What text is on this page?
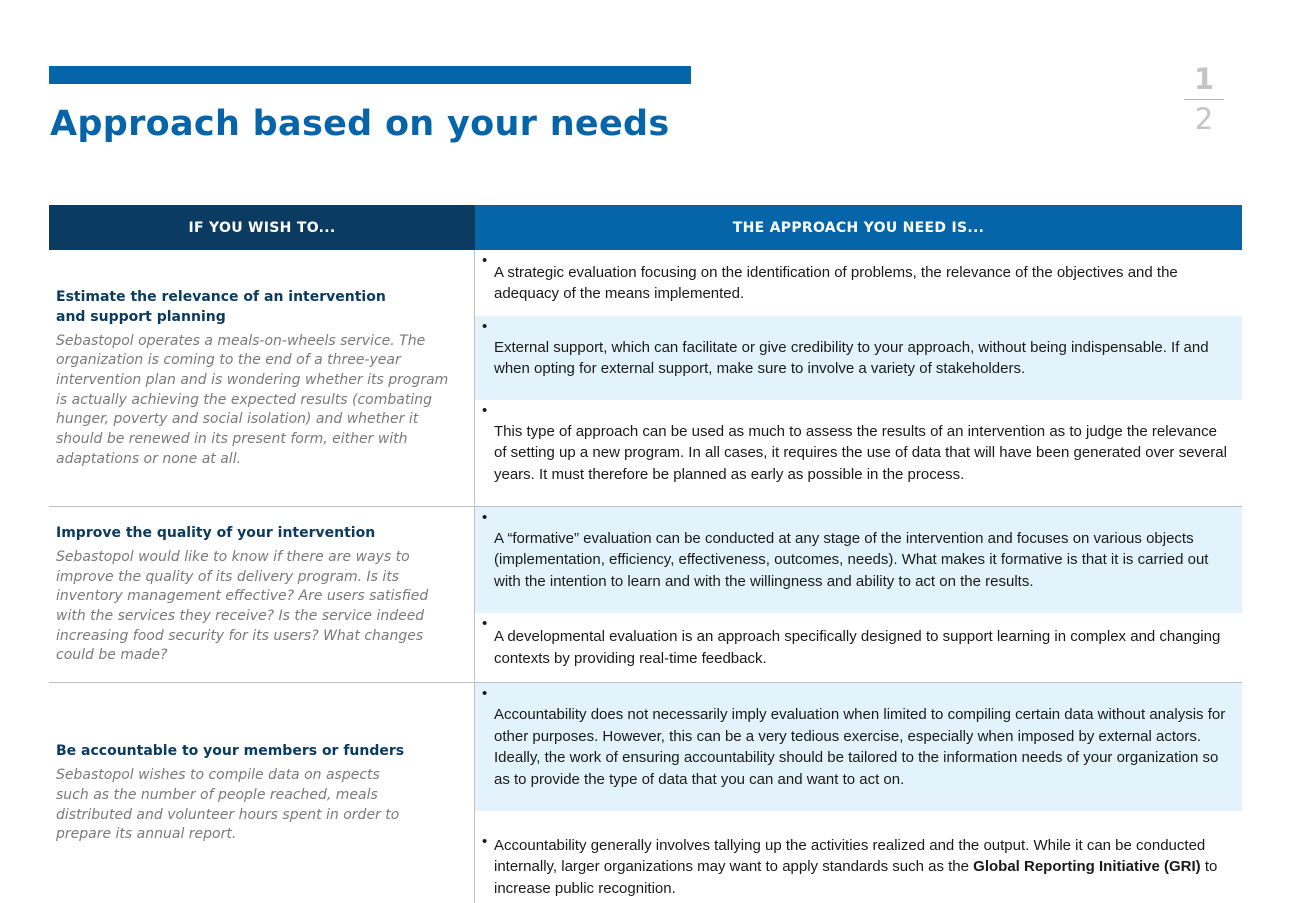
Approach based on your needs
1
2
IF YOU WISH TO...	THE APPROACH YOU NEED IS...

Estimate the relevance of an intervention and support planning

Sebastopol operates a meals-on-wheels service. The organization is coming to the end of a three-year intervention plan and is wondering whether its program is actually achieving the expected results (combating hunger, poverty and social isolation) and whether it should be renewed in its present form, either with adaptations or none at all.

•
A strategic evaluation focusing on the identification of problems, the relevance of the objectives and the adequacy of the means implemented.
•
External support, which can facilitate or give credibility to your approach, without being indispensable. If and when opting for external support, make sure to involve a variety of stakeholders.
•
This type of approach can be used as much to assess the results of an intervention as to judge the relevance of setting up a new program. In all cases, it requires the use of data that will have been generated over several years. It must therefore be planned as early as possible in the process.

Improve the quality of your intervention

Sebastopol would like to know if there are ways to improve the quality of its delivery program. Is its inventory management effective? Are users satisfied with the services they receive? Is the service indeed increasing food security for its users? What changes could be made?

•
A “formative” evaluation can be conducted at any stage of the intervention and focuses on various objects (implementation, efficiency, effectiveness, outcomes, needs). What makes it formative is that it is carried out with the intention to learn and with the willingness and ability to act on the results.
•
A developmental evaluation is an approach specifically designed to support learning in complex and changing contexts by providing real-time feedback.

Be accountable to your members or funders

Sebastopol wishes to compile data on aspects such as the number of people reached, meals distributed and volunteer hours spent in order to prepare its annual report.

•
Accountability does not necessarily imply evaluation when limited to compiling certain data without analysis for other purposes. However, this can be a very tedious exercise, especially when imposed by external actors. Ideally, the work of ensuring accountability should be tailored to the information needs of your organization so as to provide the type of data that you can and want to act on.
• Accountability generally involves tallying up the activities realized and the output. While it can be conducted internally, larger organizations may want to apply standards such as the Global Reporting Initiative (GRI) to increase public recognition.
